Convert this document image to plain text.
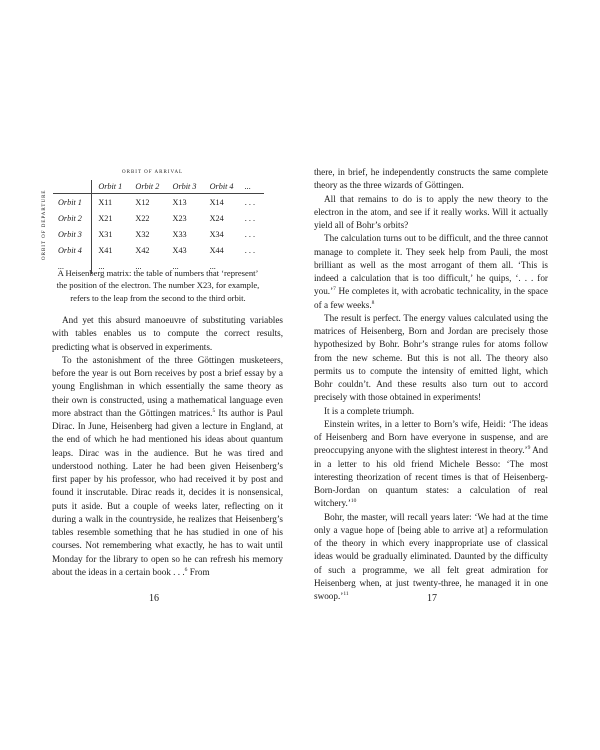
ORBIT OF ARRIVAL
ORBIT OF DEPARTURE
	Orbit 1	Orbit 2	Orbit 3	Orbit 4	...
Orbit 1	X11	X12	X13	X14	. . .
Orbit 2	X21	X22	X23	X24	. . .
Orbit 3	X31	X32	X33	X34	. . .
Orbit 4	X41	X42	X43	X44	. . .
...	...	...	...	...	
A Heisenberg matrix: the table of numbers that ‘represent’ the position of the electron. The number X23, for example, refers to the leap from the second to the third orbit.

And yet this absurd manoeuvre of substituting variables with tables enables us to compute the correct results, predicting what is observed in experiments.

To the astonishment of the three Göttingen musketeers, before the year is out Born receives by post a brief essay by a young Englishman in which essentially the same theory as their own is constructed, using a mathematical language even more abstract than the Göttingen matrices.$^5$ Its author is Paul Dirac. In June, Heisenberg had given a lecture in England, at the end of which he had mentioned his ideas about quantum leaps. Dirac was in the audience. But he was tired and understood nothing. Later he had been given Heisenberg’s first paper by his professor, who had received it by post and found it inscrutable. Dirac reads it, decides it is nonsensical, puts it aside. But a couple of weeks later, reflecting on it during a walk in the countryside, he realizes that Heisenberg’s tables resemble something that he has studied in one of his courses. Not remembering what exactly, he has to wait until Monday for the library to open so he can refresh his memory about the ideas in a certain book . . .$^6$ From

16

there, in brief, he independently constructs the same complete theory as the three wizards of Göttingen.

All that remains to do is to apply the new theory to the electron in the atom, and see if it really works. Will it actually yield all of Bohr’s orbits?

The calculation turns out to be difficult, and the three cannot manage to complete it. They seek help from Pauli, the most brilliant as well as the most arrogant of them all. ‘This is indeed a calculation that is too difficult,’ he quips, ‘. . . for you.’$^7$ He completes it, with acrobatic technicality, in the space of a few weeks.$^8$

The result is perfect. The energy values calculated using the matrices of Heisenberg, Born and Jordan are precisely those hypothesized by Bohr. Bohr’s strange rules for atoms follow from the new scheme. But this is not all. The theory also permits us to compute the intensity of emitted light, which Bohr couldn’t. And these results also turn out to accord precisely with those obtained in experiments!

It is a complete triumph.

Einstein writes, in a letter to Born’s wife, Heidi: ‘The ideas of Heisenberg and Born have everyone in suspense, and are preoccupying anyone with the slightest interest in theory.’$^9$ And in a letter to his old friend Michele Besso: ‘The most interesting theorization of recent times is that of Heisenberg-Born-Jordan on quantum states: a calculation of real witchery.’$^{10}$

Bohr, the master, will recall years later: ‘We had at the time only a vague hope of [being able to arrive at] a reformulation of the theory in which every inappropriate use of classical ideas would be gradually eliminated. Daunted by the difficulty of such a programme, we all felt great admiration for Heisenberg when, at just twenty-three, he managed it in one swoop.’$^{11}$	17
